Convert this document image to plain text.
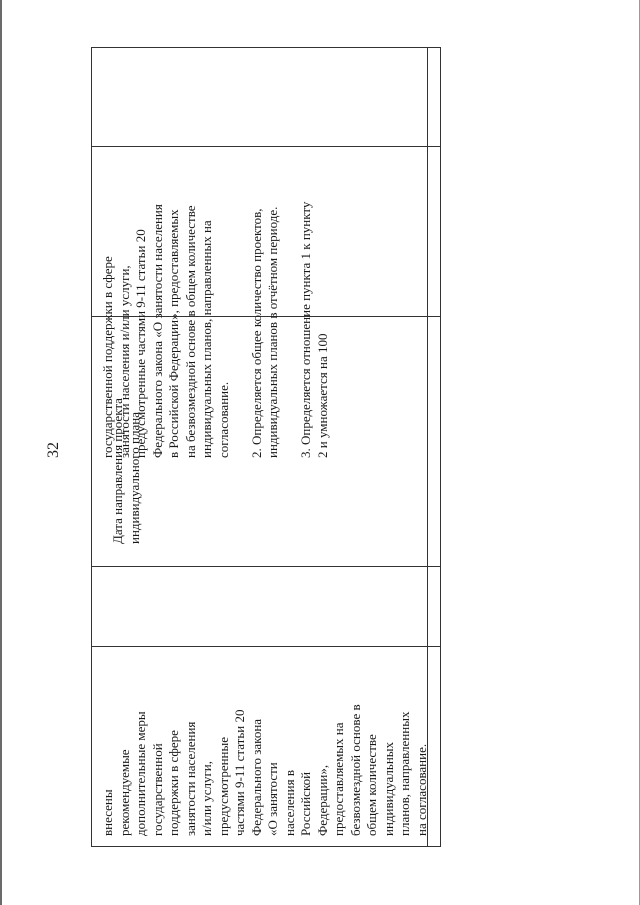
32
внесены
рекомендуемые
дополнительные меры
государственной
поддержки в сфере
занятости населения
и/или услуги,
предусмотренные
частями 9-11 статьи 20
Федерального закона
«О занятости
населения в
Российской
Федерации»,
предоставляемых на
безвозмездной основе в
общем количестве
индивидуальных
планов, направленных
на согласование.
Дата направления проекта
индивидуального плана
государственной поддержки в сфере
занятости населения и/или услуги,
предусмотренные частями 9-11 статьи 20
Федерального закона «О занятости населения
в Российской Федерации», предоставляемых
на безвозмездной основе в общем количестве
индивидуальных планов, направленных на
согласование.

2. Определяется общее количество проектов,
индивидуальных планов в отчётном периоде.

3. Определяется отношение пункта 1 к пункту
2 и умножается на 100
